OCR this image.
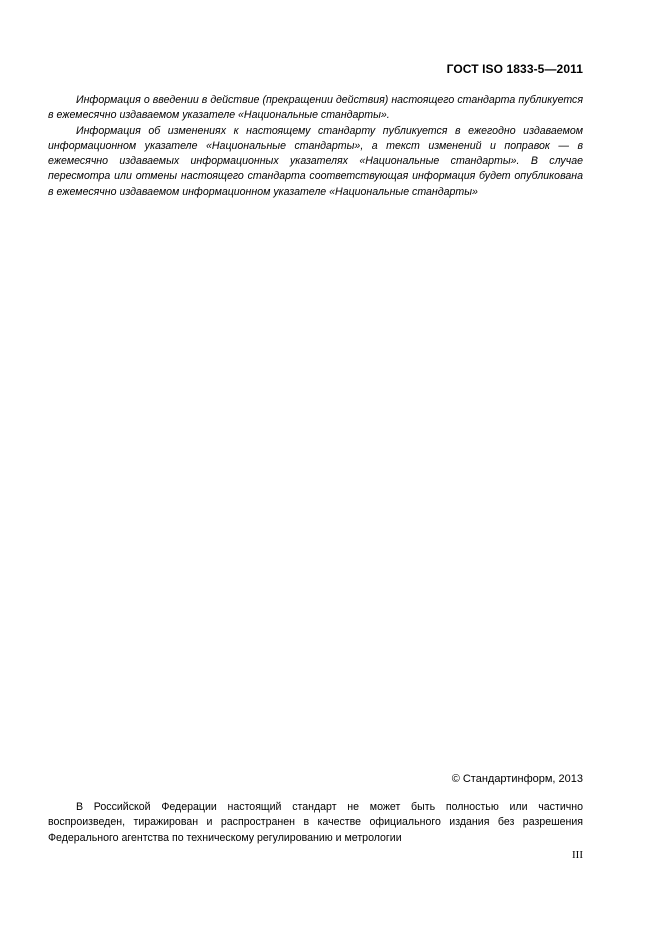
ГОСТ ISO 1833-5—2011

Информация о введении в действие (прекращении действия) настоящего стандарта публикуется в ежемесячно издаваемом указателе «Национальные стандарты».

Информация об изменениях к настоящему стандарту публикуется в ежегодно издаваемом информационном указателе «Национальные стандарты», а текст изменений и поправок — в ежемесячно издаваемых информационных указателях «Национальные стандарты». В случае пересмотра или отмены настоящего стандарта соответствующая информация будет опубликована в ежемесячно издаваемом информационном указателе «Национальные стандарты»

© Стандартинформ, 2013

В Российской Федерации настоящий стандарт не может быть полностью или частично воспроизведен, тиражирован и распространен в качестве официального издания без разрешения Федерального агентства по техническому регулированию и метрологии

III
